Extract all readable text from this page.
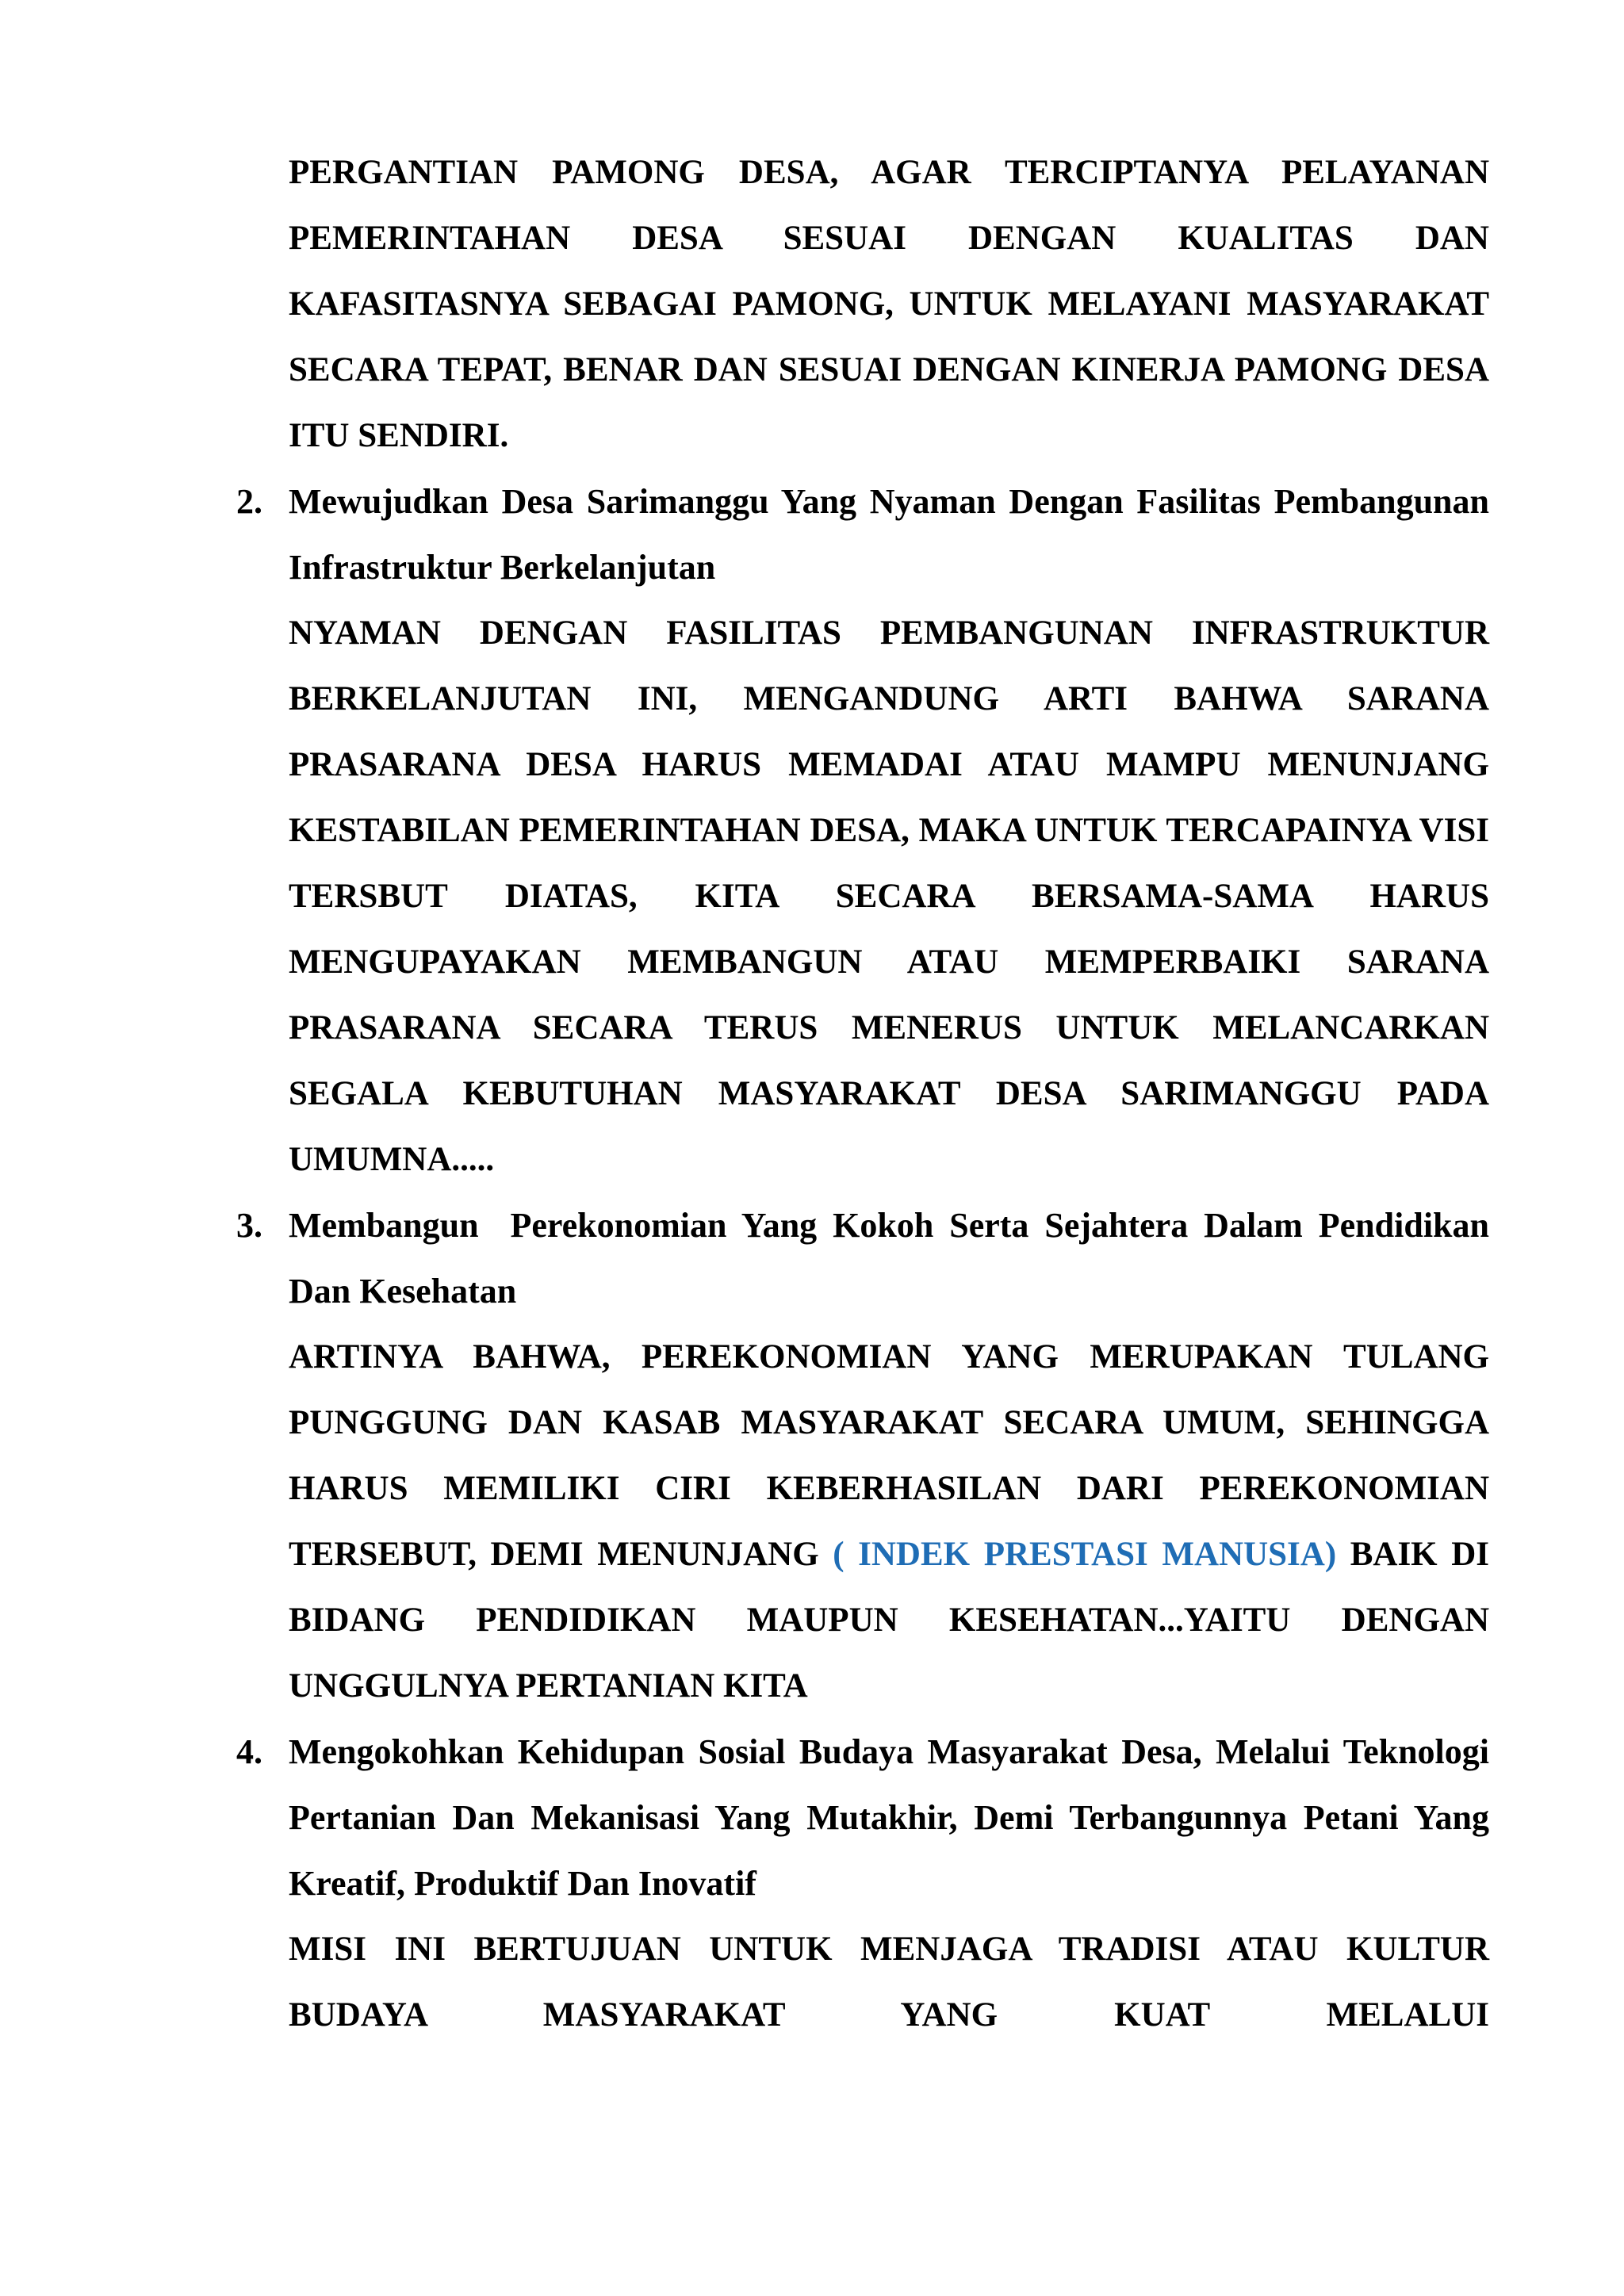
PERGANTIAN PAMONG DESA, AGAR TERCIPTANYA PELAYANAN PEMERINTAHAN DESA SESUAI DENGAN KUALITAS DAN KAFASITASNYA SEBAGAI PAMONG, UNTUK MELAYANI MASYARAKAT SECARA TEPAT, BENAR DAN SESUAI DENGAN KINERJA PAMONG DESA ITU SENDIRI.

2. Mewujudkan Desa Sarimanggu Yang Nyaman Dengan Fasilitas Pembangunan Infrastruktur Berkelanjutan

NYAMAN DENGAN FASILITAS PEMBANGUNAN INFRASTRUKTUR BERKELANJUTAN INI, MENGANDUNG ARTI BAHWA SARANA PRASARANA DESA HARUS MEMADAI ATAU MAMPU MENUNJANG KESTABILAN PEMERINTAHAN DESA, MAKA UNTUK TERCAPAINYA VISI TERSBUT DIATAS, KITA SECARA BERSAMA-SAMA HARUS MENGUPAYAKAN MEMBANGUN ATAU MEMPERBAIKI SARANA PRASARANA SECARA TERUS MENERUS UNTUK MELANCARKAN SEGALA KEBUTUHAN MASYARAKAT DESA SARIMANGGU PADA UMUMNA.....

3. Membangun  Perekonomian Yang Kokoh Serta Sejahtera Dalam Pendidikan Dan Kesehatan

ARTINYA BAHWA, PEREKONOMIAN YANG MERUPAKAN TULANG PUNGGUNG DAN KASAB MASYARAKAT SECARA UMUM, SEHINGGA HARUS MEMILIKI CIRI KEBERHASILAN DARI PEREKONOMIAN TERSEBUT, DEMI MENUNJANG ( INDEK PRESTASI MANUSIA) BAIK DI BIDANG PENDIDIKAN MAUPUN KESEHATAN...YAITU DENGAN UNGGULNYA PERTANIAN KITA

4. Mengokohkan Kehidupan Sosial Budaya Masyarakat Desa, Melalui Teknologi Pertanian Dan Mekanisasi Yang Mutakhir, Demi Terbangunnya Petani Yang Kreatif, Produktif Dan Inovatif

MISI INI BERTUJUAN UNTUK MENJAGA TRADISI ATAU KULTUR BUDAYA MASYARAKAT YANG KUAT MELALUI
